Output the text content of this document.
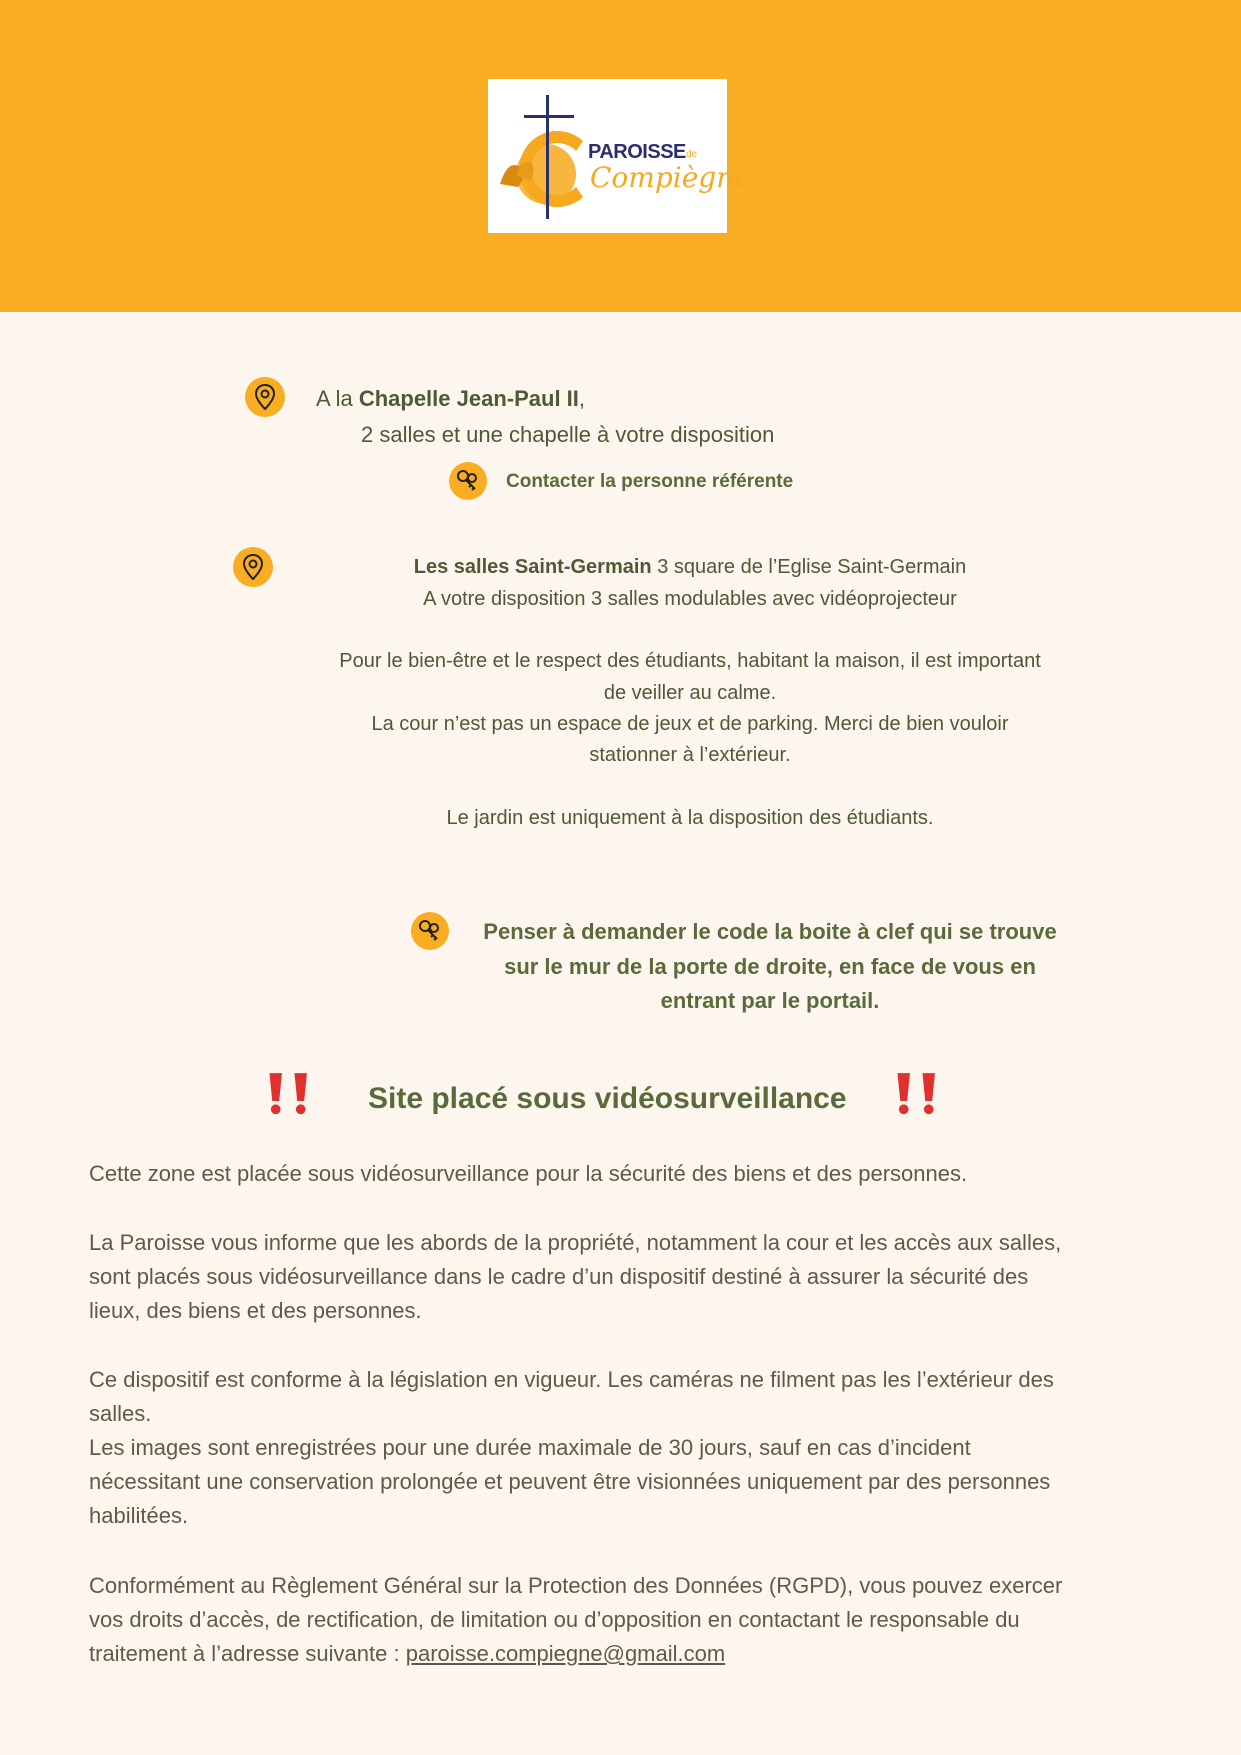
PAROISSE de
Compiègne
A la Chapelle Jean-Paul II,
2 salles et une chapelle à votre disposition
Contacter la personne référente
Les salles Saint-Germain 3 square de l’Eglise Saint-Germain
A votre disposition 3 salles modulables avec vidéoprojecteur
Pour le bien-être et le respect des étudiants, habitant la maison, il est important
de veiller au calme.
La cour n’est pas un espace de jeux et de parking. Merci de bien vouloir
stationner à l’extérieur.
Le jardin est uniquement à la disposition des étudiants.
Penser à demander le code la boite à clef qui se trouve
sur le mur de la porte de droite, en face de vous en
entrant par le portail.
Site placé sous vidéosurveillance
Cette zone est placée sous vidéosurveillance pour la sécurité des biens et des personnes.
La Paroisse vous informe que les abords de la propriété, notamment la cour et les accès aux salles,
sont placés sous vidéosurveillance dans le cadre d’un dispositif destiné à assurer la sécurité des
lieux, des biens et des personnes.
Ce dispositif est conforme à la législation en vigueur. Les caméras ne filment pas les l’extérieur des
salles.
Les images sont enregistrées pour une durée maximale de 30 jours, sauf en cas d’incident
nécessitant une conservation prolongée et peuvent être visionnées uniquement par des personnes
habilitées.
Conformément au Règlement Général sur la Protection des Données (RGPD), vous pouvez exercer
vos droits d’accès, de rectification, de limitation ou d’opposition en contactant le responsable du
traitement à l’adresse suivante : paroisse.compiegne@gmail.com
